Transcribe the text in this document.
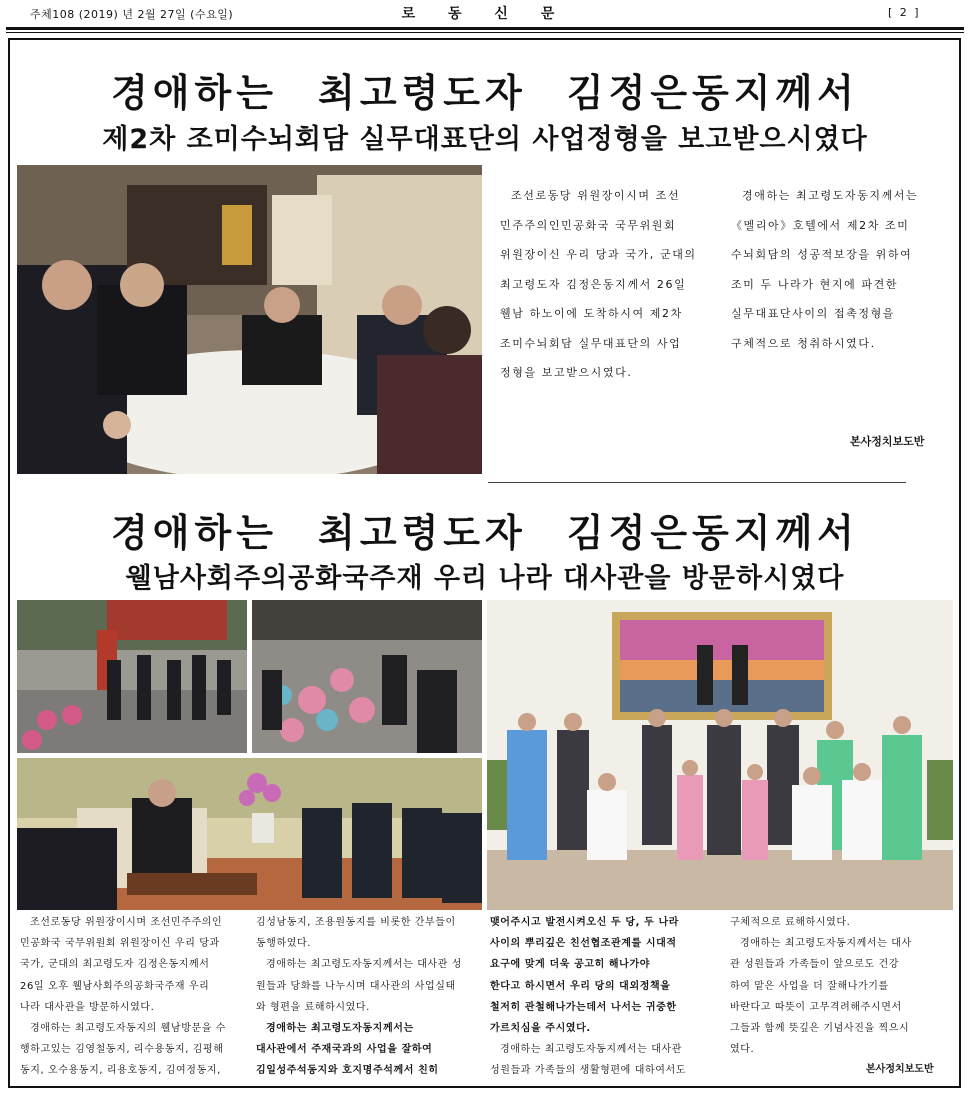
주체108 (2019) 년 2월 27일 (수요일)	로 동 신 문	[ 2 ]
경애하는 최고령도자 김정은동지께서
제2차 조미수뇌회담 실무대표단의 사업정형을 보고받으시였다

조선로동당 위원장이시며 조선

민주주의인민공화국 국무위원회

위원장이신 우리 당과 국가, 군대의

최고령도자 김정은동지께서 26일

웰남 하노이에 도착하시여 제2차

조미수뇌회담 실무대표단의 사업

정형을 보고받으시였다.

경애하는 최고령도자동지께서는

《멜리아》호텔에서 제2차 조미

수뇌회담의 성공적보장을 위하여

조미 두 나라가 현지에 파견한

실무대표단사이의 접촉정형을

구체적으로 청취하시였다.

본사정치보도반
경애하는 최고령도자 김정은동지께서
웰남사회주의공화국주재 우리 나라 대사관을 방문하시였다

조선로동당 위원장이시며 조선민주주의인

민공화국 국무위원회 위원장이신 우리 당과

국가, 군대의 최고령도자 김정은동지께서

26일 오후 웰남사회주의공화국주재 우리

나라 대사관을 방문하시였다.

경애하는 최고령도자동지의 웰남방문을 수

행하고있는 김영철동지, 리수용동지, 김평해

동지, 오수용동지, 리용호동지, 김여정동지,

김성남동지, 조용원동지를 비롯한 간부들이

동행하였다.

경애하는 최고령도자동지께서는 대사관 성

원들과 당화를 나누시며 대사관의 사업실태

와 형편을 료해하시였다.

경애하는 최고령도자동지께서는

대사관에서 주재국과의 사업을 잘하여

김일성주석동지와 호지명주석께서 친히

맺어주시고 발전시켜오신 두 당, 두 나라

사이의 뿌리깊은 친선협조관계를 시대적

요구에 맞게 더욱 공고히 해나가야

한다고 하시면서 우리 당의 대외정책을

철저히 관철해나가는데서 나서는 귀중한

가르치심을 주시였다.

경애하는 최고령도자동지께서는 대사관

성원들과 가족들의 생활형편에 대하여서도

구체적으로 료해하시였다.

경애하는 최고령도자동지께서는 대사

관 성원들과 가족들이 앞으로도 건강

하여 맡은 사업을 더 잘해나가기를

바란다고 따뜻이 고무격려해주시면서

그들과 함께 뜻깊은 기념사진을 찍으시

였다.

본사정치보도반
